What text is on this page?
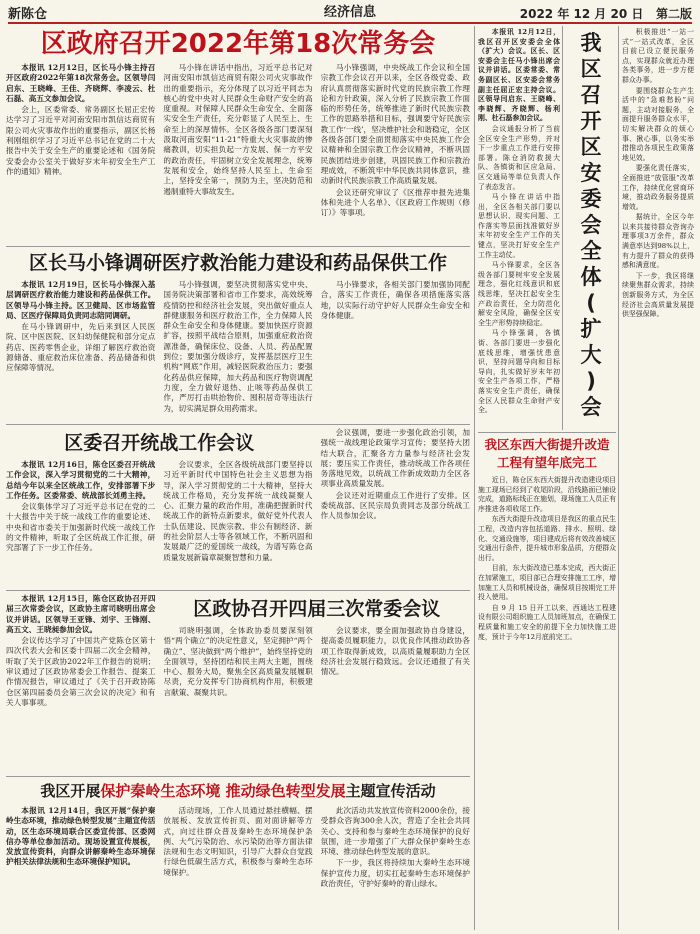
新陈仓	经济信息	2022 年 12 月 20 日 第二版
区政府召开2022年第18次常务会

本报讯 12月12日，区长马小锋主持召开区政府2022年第18次常务会。区领导闫启东、王晓峰、王佳、齐晓辉、李凌云、杜石磊、高五文参加会议。

会上，区委常委、常务副区长屈正宏传达学习了习近平对河南安阳市凯信达商贸有限公司火灾事故作出的重要指示，副区长杨利刚组织学习了习近平总书记在党的二十大报告中关于安全生产的重要论述和《国务院安委会办公室关于做好岁末年初安全生产工作的通知》精神。

马小锋在讲话中指出，习近平总书记对河南安阳市凯信达商贸有限公司火灾事故作出的重要指示，充分体现了以习近平同志为核心的党中央对人民群众生命财产安全的高度重视。对保障人民群众生命安全、全面落实安全生产责任，充分彰显了人民至上、生命至上的深厚情怀。全区各级各部门要深刻汲取河南安阳“11·21”特重大火灾事故的惨痛教训，切实担负起一方发展、保一方平安的政治责任，牢固树立安全发展理念，统筹发展和安全，始终坚持人民至上、生命至上，坚持安全第一，预防为主，坚决防范和遏制重特大事故发生。

马小锋强调，中央统战工作会议和全国宗教工作会议召开以来，全区各级党委、政府认真贯彻落实新时代党的民族宗教工作理论和方针政策，深入分析了民族宗教工作面临的形势任务，统筹推进了新时代民族宗教工作的思路举措和目标，强调要守好民族宗教工作‘一线’，坚决维护社会和谐稳定，全区各级各部门要全面贯彻落实中央民族工作会议精神和全国宗教工作会议精神，不断巩固民族团结进步创建，巩固民族工作和宗教治理成效，不断筑牢中华民族共同体意识，推动新时代民族宗教工作高质量发展。

会议还研究审议了《区推荐申报先进集体和先进个人名单》、《区政府工作规则（修订）》等事项。

区长马小锋调研医疗救治能力建设和药品保供工作

本报讯 12月19日，区长马小锋深入基层调研医疗救治能力建设和药品保供工作。区领导马小锋主持。区卫健局、区市场监管局、区医疗保障局负责同志陪同调研。

在马小锋调研中，先后来到区人民医院、区中医医院、区妇幼保健院和部分定点药店、医药零售企业，详细了解医疗救治资源储备、重症救治床位准备、药品储备和供应保障等情况。

马小锋强调，要坚决贯彻落实党中央、国务院决策部署和省市工作要求，高效统筹疫情防控和经济社会发展，突出做好重点人群健康服务和医疗救治工作，全力保障人民群众生命安全和身体健康。要加快医疗资源扩容，按照平战结合原则，加强重症救治资源准备，确保床位、设备、人员、药品配置到位；要加强分级诊疗，发挥基层医疗卫生机构“网底”作用，减轻医院救治压力；要强化药品供应保障，加大药品和医疗物资调配力度，全力做好退热、止咳等药品保供工作，严厉打击哄抬物价、囤积居奇等违法行为，切实满足群众用药需求。

马小锋要求，各相关部门要加强协同配合，落实工作责任，确保各项措施落实落地，以实际行动守护好人民群众生命安全和身体健康。

区委召开统战工作会议

本报讯 12月16日，陈仓区委召开统战工作会议，深入学习贯彻党的二十大精神，总结今年以来全区统战工作，安排部署下步工作任务。区委常委、统战部长刘勇主持。

会议集体学习了习近平总书记在党的二十大报告中关于统一战线工作的重要论述、中央和省市委关于加强新时代统一战线工作的文件精神，听取了全区统战工作汇报，研究部署了下一步工作任务。

会议要求，全区各级统战部门要坚持以习近平新时代中国特色社会主义思想为指导，深入学习贯彻党的二十大精神，坚持大统战工作格局，充分发挥统一战线凝聚人心、汇聚力量的政治作用，准确把握新时代统战工作的新特点新要求，做好党外代表人士队伍建设、民族宗教、非公有制经济、新的社会阶层人士等各领域工作，不断巩固和发展最广泛的爱国统一战线，为谱写陈仓高质量发展新篇章凝聚智慧和力量。

会议强调，要进一步强化政治引领，加强统一战线理论政策学习宣传；要坚持大团结大联合，汇聚各方力量参与经济社会发展；要压实工作责任，推动统战工作各项任务落地见效，以统战工作新成效助力全区各项事业高质量发展。

会议还对近期重点工作进行了安排。区委统战部、区民宗局负责同志及部分统战工作人员参加会议。

本报讯 12月15日，陈仓区政协召开四届三次常委会议，区政协主席司晓明出席会议并讲话。区领导王亚锋、刘宇、王锋刚、高五文、王晓昶参加会议。

会议传达学习了中国共产党陈仓区第十四次代表大会和区委十四届二次全会精神，听取了关于区政协2022年工作报告的说明；审议通过了区政协常委会工作报告、提案工作情况报告，审议通过了《关于召开政协陈仓区第四届委员会第三次会议的决定》和有关人事事项。

区政协召开四届三次常委会议

司晓明强调，全体政协委员要深刻领悟“两个确立”的决定性意义，坚定拥护“两个确立”、坚决做到“两个维护”，始终坚持党的全面领导，坚持团结和民主两大主题，围绕中心、服务大局，聚焦全区高质量发展履职尽责，充分发挥专门协商机构作用，积极建言献策、凝聚共识。

会议要求，要全面加强政协自身建设，提高委员履职能力，以优良作风推动政协各项工作取得新成效，以高质量履职助力全区经济社会发展行稳致远。会议还通报了有关情况。

我区开展保护秦岭生态环境 推动绿色转型发展主题宣传活动

本报讯 12月14日，我区开展“保护秦岭生态环境，推动绿色转型发展”主题宣传活动，区生态环境局联合区委宣传部、区委网信办等单位参加活动。现场设置宣传展板，发放宣传资料，向群众讲解秦岭生态环境保护相关法律法规和生态环境保护知识。

活动现场，工作人员通过悬挂横幅、摆放展板、发放宣传折页、面对面讲解等方式，向过往群众普及秦岭生态环境保护条例、大气污染防治、水污染防治等方面法律法规和生态文明知识，引导广大群众自觉践行绿色低碳生活方式，积极参与秦岭生态环境保护。

此次活动共发放宣传资料2000余份，接受群众咨询300余人次，营造了全社会共同关心、支持和参与秦岭生态环境保护的良好氛围，进一步增强了广大群众保护秦岭生态环境、推动绿色转型发展的意识。

下一步，我区将持续加大秦岭生态环境保护宣传力度，切实扛起秦岭生态环境保护政治责任，守护好秦岭的青山绿水。

我
区
召
开
区
安
委
会
全
体
(
扩
大
)
会

积极推进“一站一式”一站式改革，全区目前已设立便民服务点，实现群众就近办理各类事务，进一步方便群众办事。

要围绕群众生产生活中的“急难愁盼”问题，主动对接服务，全面提升服务群众水平，切实解决群众的烦心事、揪心事，以务实举措推动各项民生政策落地见效。

要强化责任落实，全面推进“放管服”改革工作，持续优化营商环境，推动政务服务提质增效。

据统计，全区今年以来共接待群众咨询办理事项3万余件，群众满意率达到98%以上，有力提升了群众的获得感和满意度。

下一步，我区将继续聚焦群众需求，持续创新服务方式，为全区经济社会高质量发展提供坚强保障。

本报讯 12月12日，我区召开区安委会全体（扩大）会议。区长、区安委会主任马小锋出席会议并讲话。区委常委、常务副区长、区安委会常务副主任屈正宏主持会议。区领导闫启东、王晓峰、李晓辉、齐晓辉、杨利刚、杜石磊参加会议。

会议通报分析了当前全区安全生产形势，并对下一步重点工作进行安排部署。陈仓消防救援大队、各镇街和区应急局、区交通局等单位负责人作了表态发言。

马小锋在讲话中指出，全区各相关部门要以思想认识、现实问题、工作落实等层面找准做好岁末年初安全生产工作的关键点，坚决打好安全生产工作主动仗。

马小锋要求，全区各级各部门要树牢安全发展理念，强化红线意识和底线思维，坚决扛起安全生产政治责任，全力防范化解安全风险，确保全区安全生产形势持续稳定。

马小锋强调，各镇街、各部门要进一步强化底线思维，增强忧患意识，坚持问题导向和目标导向，扎实做好岁末年初安全生产各项工作，严格落实安全生产责任，确保全区人民群众生命财产安全。

我区东西大街提升改造
工程有望年底完工

近日，陈仓区东西大街提升改造建设项目施工现场已经到了收尾阶段，沿线路面已铺设完成，道路标线正在施划，现场施工人员正有序推进各项收尾工作。

东西大街提升改造项目是我区的重点民生工程，改造内容包括道路、排水、照明、绿化、交通设施等，项目建成后将有效改善城区交通出行条件，提升城市形象品质，方便群众出行。

目前，东大街改造已基本完成，西大街正在加紧施工，项目部已合理安排施工工序，增加施工人员和机械设备，确保项目按期完工并投入使用。

自 9 月 15 日开工以来，西通达工程建设有限公司组织施工人员加班加点，在确保工程质量和施工安全的前提下全力加快施工进度，预计于今年12月底前完工。
